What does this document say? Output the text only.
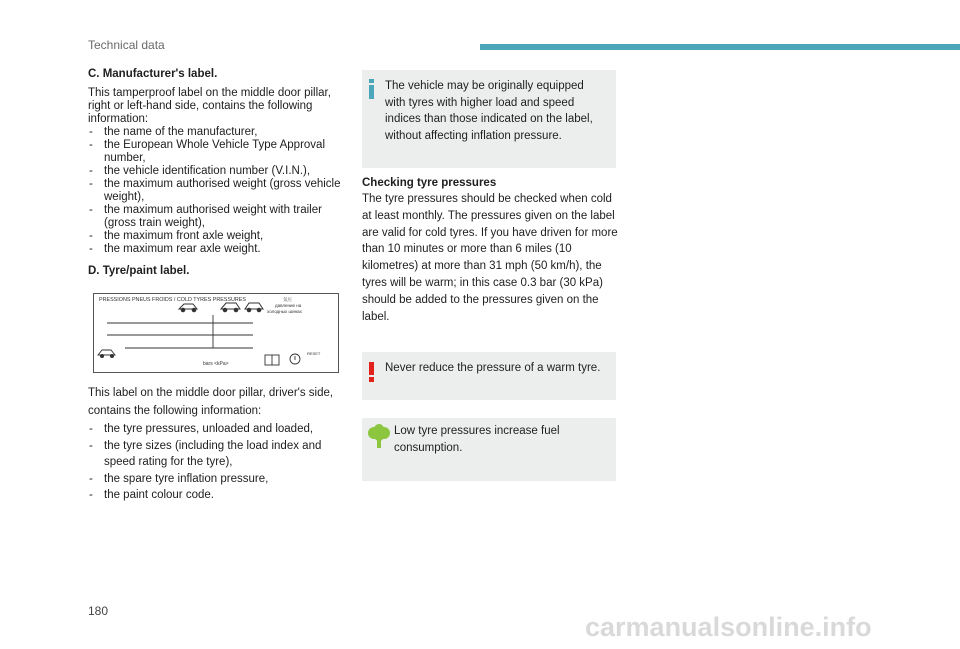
Technical data

C. Manufacturer's label.

This tamperproof label on the middle door pillar, right or left-hand side, contains the following information:

- the name of the manufacturer,
- the European Whole Vehicle Type Approval number,
- the vehicle identification number (V.I.N.),
- the maximum authorised weight (gross vehicle weight),
- the maximum authorised weight with trailer (gross train weight),
- the maximum front axle weight,
- the maximum rear axle weight.

D. Tyre/paint label.

PRESSIONS PNEUS FROIDS / COLD TYRES PRESSURES	気圧
давление на
холодных шинах
bars <kPa>
RESET

This label on the middle door pillar, driver's side, contains the following information:

- the tyre pressures, unloaded and loaded,
- the tyre sizes (including the load index and speed rating for the tyre),
- the spare tyre inflation pressure,
- the paint colour code.
The vehicle may be originally equipped with tyres with higher load and speed indices than those indicated on the label, without affecting inflation pressure.

Checking tyre pressures

The tyre pressures should be checked when cold at least monthly. The pressures given on the label are valid for cold tyres. If you have driven for more than 10 minutes or more than 6 miles (10 kilometres) at more than 31 mph (50 km/h), the tyres will be warm; in this case 0.3 bar (30 kPa) should be added to the pressures given on the label.

Never reduce the pressure of a warm tyre.
Low tyre pressures increase fuel consumption.
180
carmanualsonline.info
